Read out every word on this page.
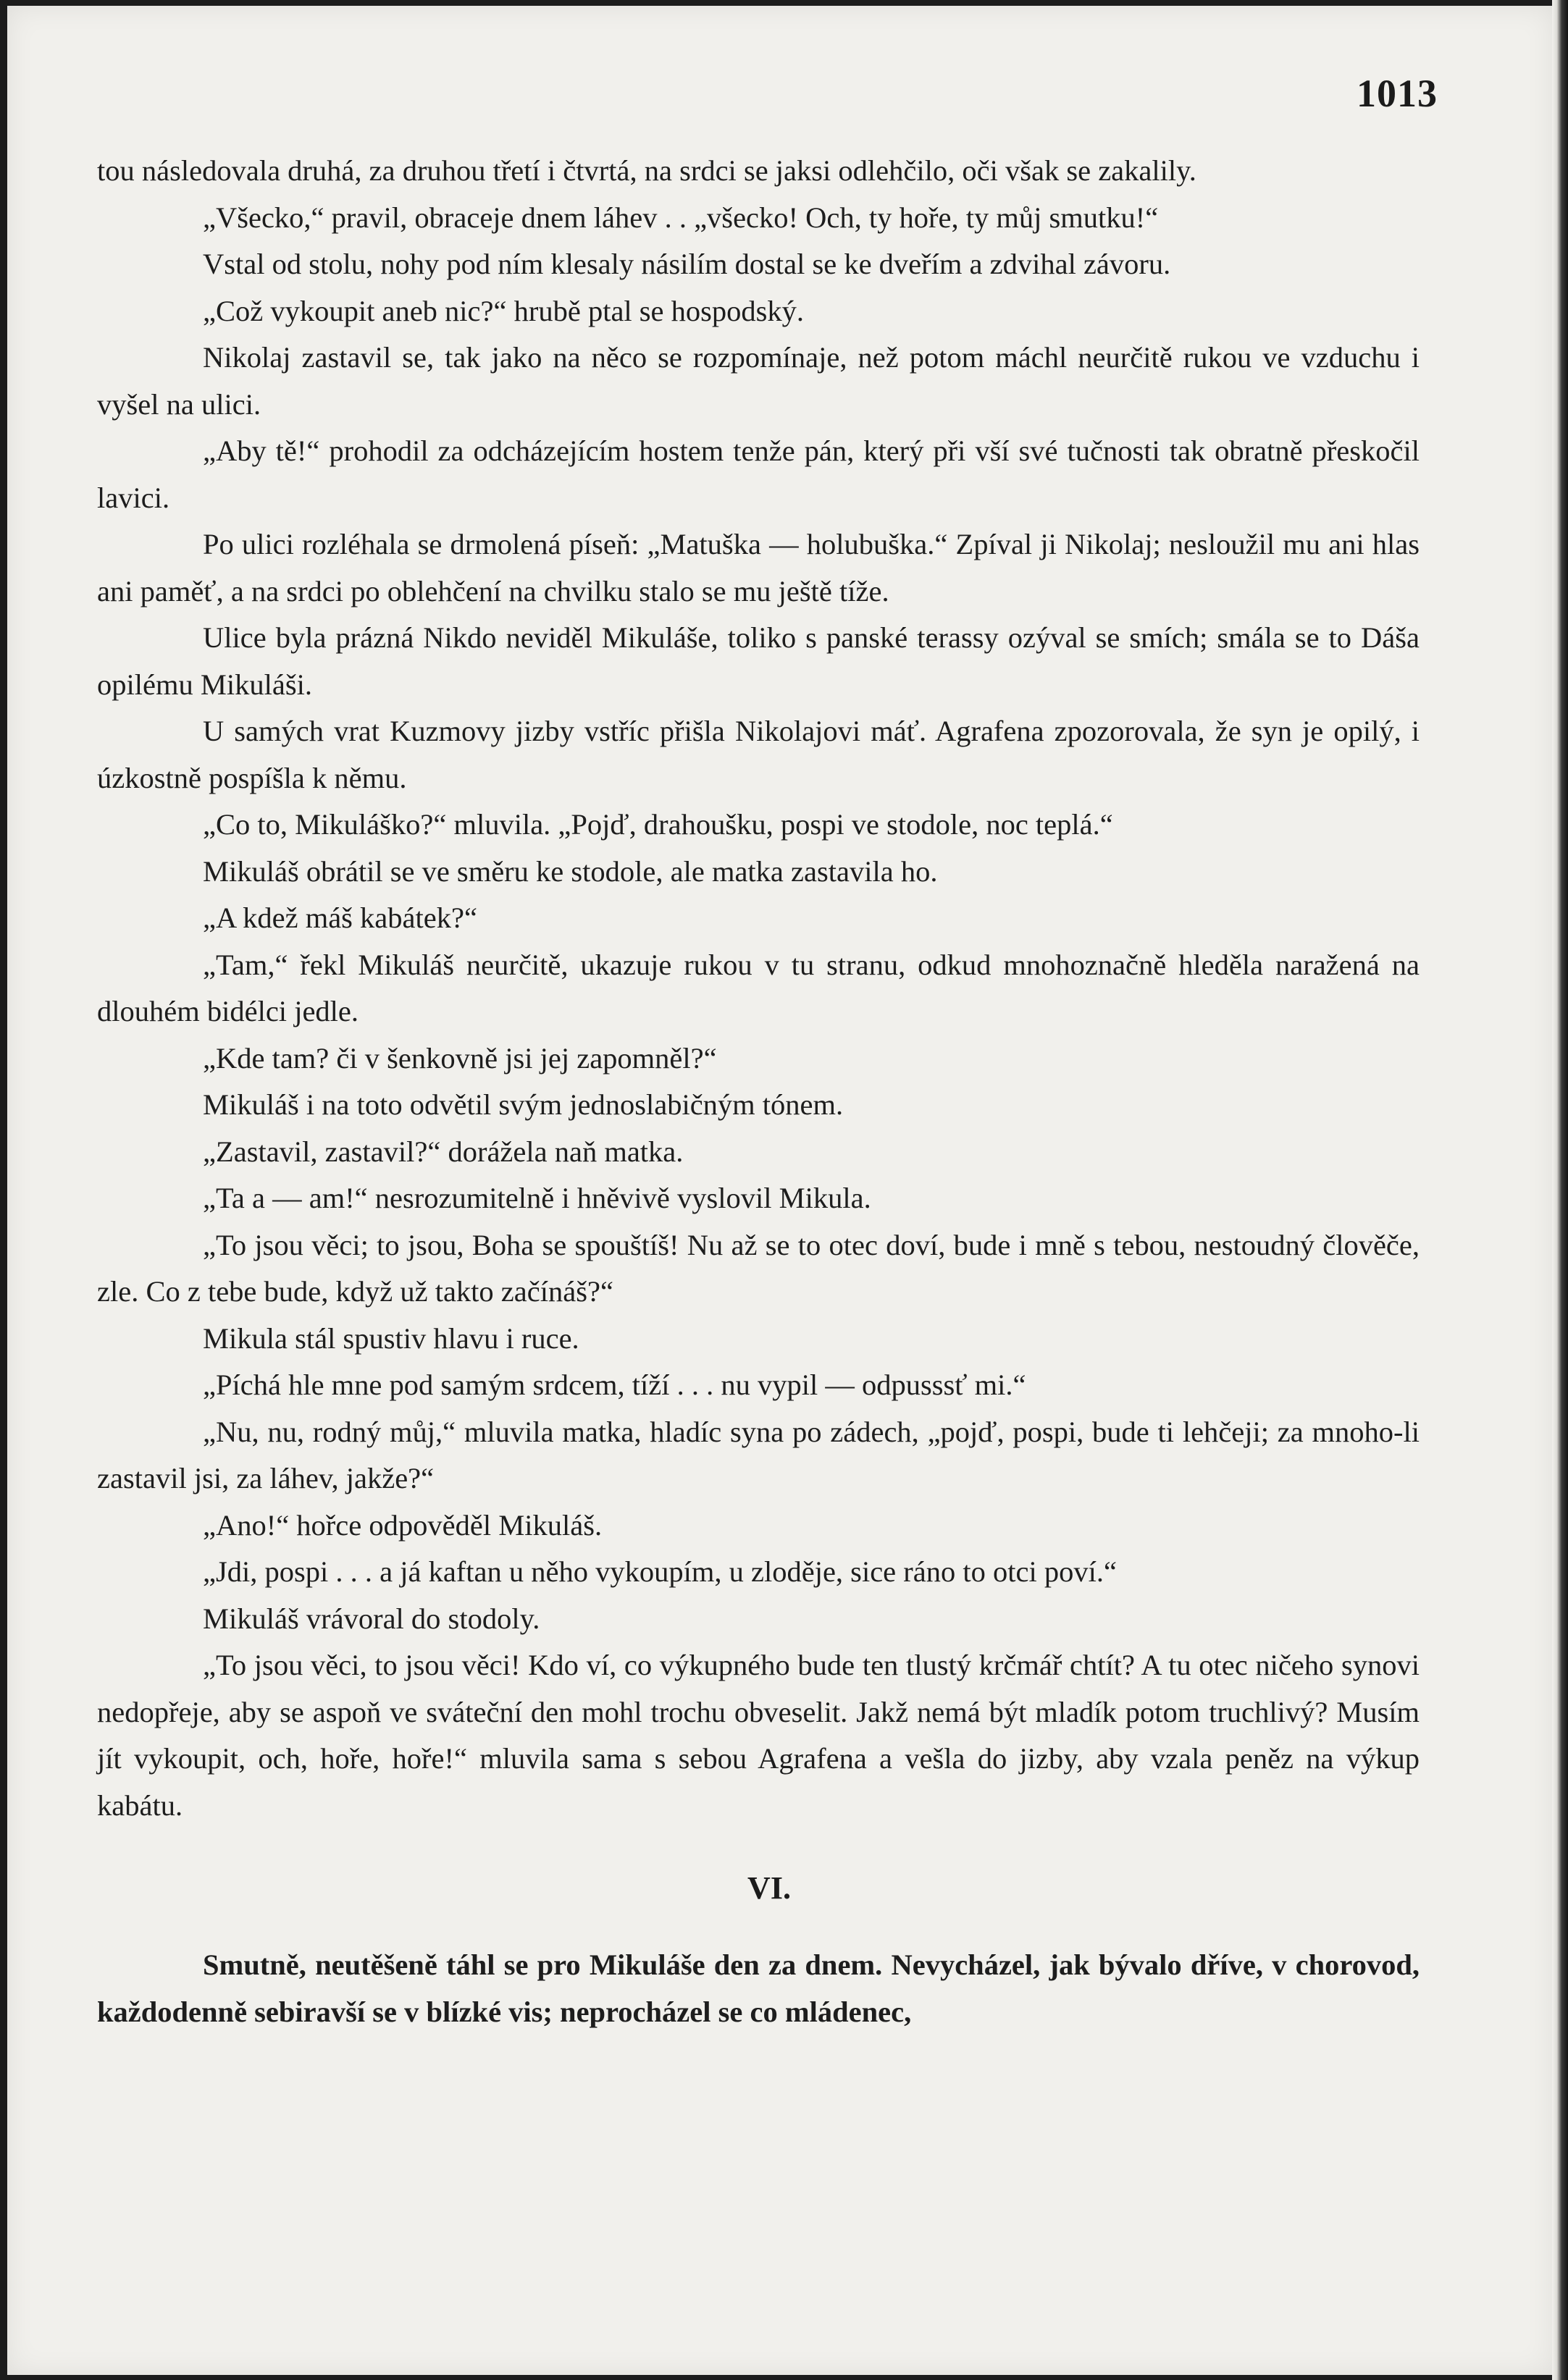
1013

tou následovala druhá, za druhou třetí i čtvrtá, na srdci se jaksi odlehčilo, oči však se zakalily.

„Všecko,“ pravil, obraceje dnem láhev . . „všecko! Och, ty hoře, ty můj smutku!“

Vstal od stolu, nohy pod ním klesaly násilím dostal se ke dveřím a zdvihal závoru.

„Což vykoupit aneb nic?“ hrubě ptal se hospodský.

Nikolaj zastavil se, tak jako na něco se rozpomínaje, než potom máchl neurčitě rukou ve vzduchu i vyšel na ulici.

„Aby tě!“ prohodil za odcházejícím hostem tenže pán, který při vší své tučnosti tak obratně přeskočil lavici.

Po ulici rozléhala se drmolená píseň: „Matuška — holubuška.“ Zpíval ji Nikolaj; nesloužil mu ani hlas ani paměť, a na srdci po oblehčení na chvilku stalo se mu ještě tíže.

Ulice byla prázná Nikdo neviděl Mikuláše, toliko s panské terassy ozýval se smích; smála se to Dáša opilému Mikuláši.

U samých vrat Kuzmovy jizby vstříc přišla Nikolajovi máť. Agrafena zpozorovala, že syn je opilý, i úzkostně pospíšla k němu.

„Co to, Mikuláško?“ mluvila. „Pojď, drahoušku, pospi ve stodole, noc teplá.“

Mikuláš obrátil se ve směru ke stodole, ale matka zastavila ho.

„A kdež máš kabátek?“

„Tam,“ řekl Mikuláš neurčitě, ukazuje rukou v tu stranu, odkud mnohoznačně hleděla naražená na dlouhém bidélci jedle.

„Kde tam? či v šenkovně jsi jej zapomněl?“

Mikuláš i na toto odvětil svým jednoslabičným tónem.

„Zastavil, zastavil?“ dorážela naň matka.

„Ta a — am!“ nesrozumitelně i hněvivě vyslovil Mikula.

„To jsou věci; to jsou, Boha se spouštíš! Nu až se to otec doví, bude i mně s tebou, nestoudný člověče, zle. Co z tebe bude, když už takto začínáš?“

Mikula stál spustiv hlavu i ruce.

„Píchá hle mne pod samým srdcem, tíží . . . nu vypil — odpusssť mi.“

„Nu, nu, rodný můj,“ mluvila matka, hladíc syna po zádech, „pojď, pospi, bude ti lehčeji; za mnoho-li zastavil jsi, za láhev, jakže?“

„Ano!“ hořce odpověděl Mikuláš.

„Jdi, pospi . . . a já kaftan u něho vykoupím, u zloděje, sice ráno to otci poví.“

Mikuláš vrávoral do stodoly.

„To jsou věci, to jsou věci! Kdo ví, co výkupného bude ten tlustý krčmář chtít? A tu otec ničeho synovi nedopřeje, aby se aspoň ve sváteční den mohl trochu obveselit. Jakž nemá být mladík potom truchlivý? Musím jít vykoupit, och, hoře, hoře!“ mluvila sama s sebou Agrafena a vešla do jizby, aby vzala peněz na výkup kabátu.

VI.

Smutně, neutěšeně táhl se pro Mikuláše den za dnem. Nevycházel, jak bývalo dříve, v chorovod, každodenně sebiravší se v blízké vis; neprocházel se co mládenec,
